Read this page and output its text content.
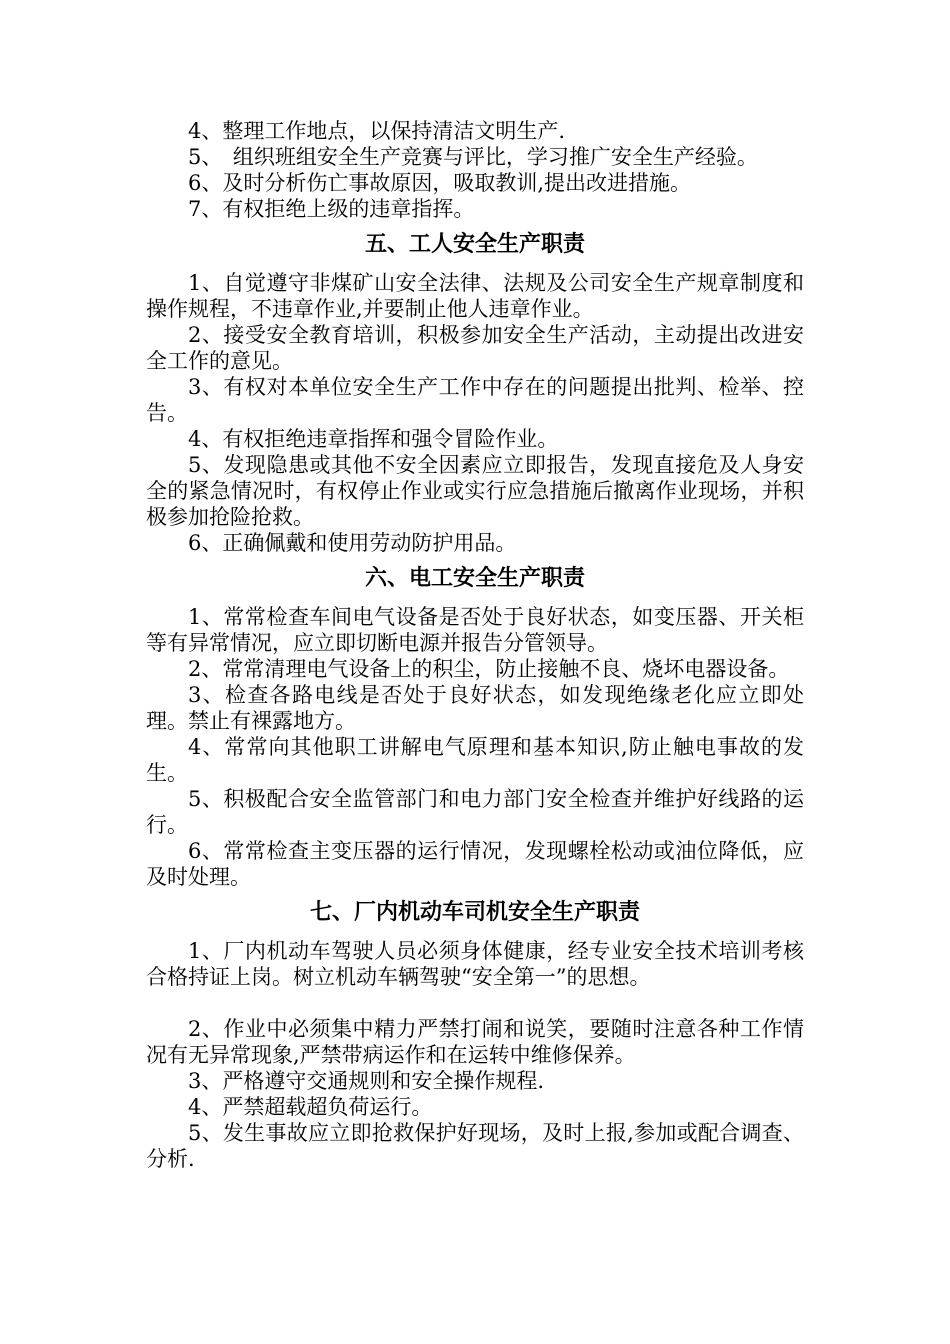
4、整理工作地点，以保持清洁文明生产.

5、　组织班组安全生产竞赛与评比，学习推广安全生产经验。

6、及时分析伤亡事故原因，吸取教训,提出改进措施。

7、有权拒绝上级的违章指挥。

五、工人安全生产职责

1、自觉遵守非煤矿山安全法律、法规及公司安全生产规章制度和操作规程，不违章作业,并要制止他人违章作业。

2、接受安全教育培训，积极参加安全生产活动，主动提出改进安全工作的意见。

3、有权对本单位安全生产工作中存在的问题提出批判、检举、控告。

4、有权拒绝违章指挥和强令冒险作业。

5、发现隐患或其他不安全因素应立即报告，发现直接危及人身安全的紧急情况时，有权停止作业或实行应急措施后撤离作业现场，并积极参加抢险抢救。

6、正确佩戴和使用劳动防护用品。

六、电工安全生产职责

1、常常检查车间电气设备是否处于良好状态，如变压器、开关柜等有异常情况，应立即切断电源并报告分管领导。

2、常常清理电气设备上的积尘，防止接触不良、烧坏电器设备。

3、检查各路电线是否处于良好状态，如发现绝缘老化应立即处理。禁止有裸露地方。

4、常常向其他职工讲解电气原理和基本知识,防止触电事故的发生。

5、积极配合安全监管部门和电力部门安全检查并维护好线路的运行。

6、常常检查主变压器的运行情况，发现螺栓松动或油位降低，应及时处理。

七、厂内机动车司机安全生产职责

1、厂内机动车驾驶人员必须身体健康，经专业安全技术培训考核合格持证上岗。树立机动车辆驾驶“安全第一”的思想。

2、作业中必须集中精力严禁打闹和说笑，要随时注意各种工作情况有无异常现象,严禁带病运作和在运转中维修保养。

3、严格遵守交通规则和安全操作规程.

4、严禁超载超负荷运行。

5、发生事故应立即抢救保护好现场，及时上报,参加或配合调查、分析.
